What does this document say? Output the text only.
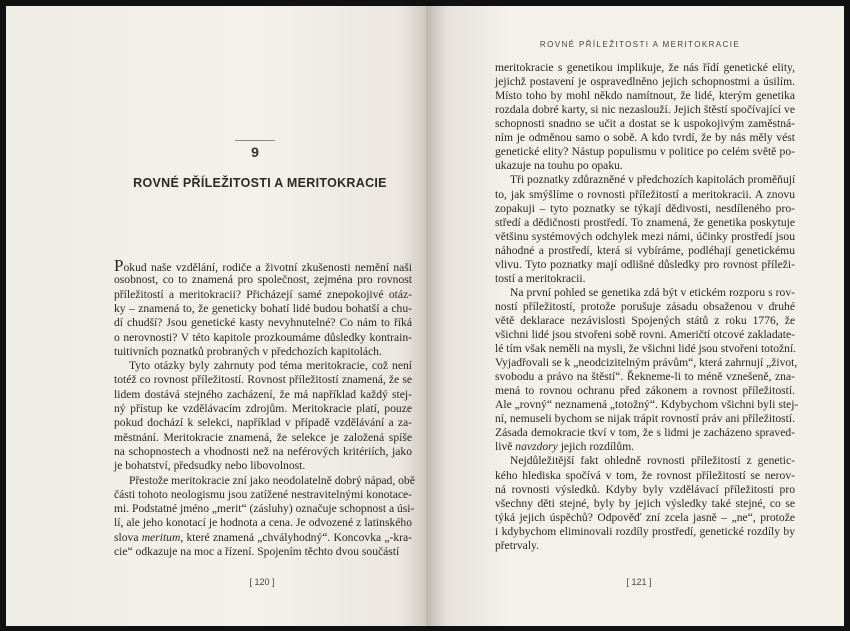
9
ROVNÉ PŘÍLEŽITOSTI A MERITOKRACIE
Pokud naše vzdělání, rodiče a životní zkušenosti nemění naši
osobnost, co to znamená pro společnost, zejména pro rovnost
příležitostí a meritokracii? Přicházejí samé znepokojivé otáz-
ky – znamená to, že geneticky bohatí lidé budou bohatší a chu-
dí chudší? Jsou genetické kasty nevyhnutelné? Co nám to říká
o nerovnosti? V této kapitole prozkoumáme důsledky kontrain-
tuitivních poznatků probraných v předchozích kapitolách.
Tyto otázky byly zahrnuty pod téma meritokracie, což není
totéž co rovnost příležitostí. Rovnost příležitostí znamená, že se
lidem dostává stejného zacházení, že má například každý stej-
ný přístup ke vzdělávacím zdrojům. Meritokracie platí, pouze
pokud dochází k selekci, například v případě vzdělávání a za-
městnání. Meritokracie znamená, že selekce je založená spíše
na schopnostech a vhodnosti než na neférových kritériích, jako
je bohatství, předsudky nebo libovolnost.
Přestože meritokracie zní jako neodolatelně dobrý nápad, obě
části tohoto neologismu jsou zatížené nestravitelnými konotace-
mi. Podstatné jméno „merit“ (zásluhy) označuje schopnost a úsi-
lí, ale jeho konotací je hodnota a cena. Je odvozené z latinského
slova meritum, které znamená „chvályhodný“. Koncovka „-kra-
cie“ odkazuje na moc a řízení. Spojením těchto dvou součástí
[ 120 ]
ROVNÉ PŘÍLEŽITOSTI A MERITOKRACIE
meritokracie s genetikou implikuje, že nás řídí genetické elity,
jejichž postavení je ospravedlněno jejich schopnostmi a úsilím.
Místo toho by mohl někdo namítnout, že lidé, kterým genetika
rozdala dobré karty, si nic nezaslouží. Jejich štěstí spočívající ve
schopnosti snadno se učit a dostat se k uspokojivým zaměstná-
ním je odměnou samo o sobě. A kdo tvrdí, že by nás měly vést
genetické elity? Nástup populismu v politice po celém světě po-
ukazuje na touhu po opaku.
Tři poznatky zdůrazněné v předchozích kapitolách proměňují
to, jak smýšlíme o rovnosti příležitostí a meritokracii. A znovu
zopakuji – tyto poznatky se týkají dědivosti, nesdíleného pro-
středí a dědičnosti prostředí. To znamená, že genetika poskytuje
většinu systémových odchylek mezi námi, účinky prostředí jsou
náhodné a prostředí, která si vybíráme, podléhají genetickému
vlivu. Tyto poznatky mají odlišné důsledky pro rovnost příleži-
tostí a meritokracii.
Na první pohled se genetika zdá být v etickém rozporu s rov-
ností příležitostí, protože porušuje zásadu obsaženou v druhé
větě deklarace nezávislosti Spojených států z roku 1776, že
všichni lidé jsou stvořeni sobě rovni. Američtí otcové zakladate-
lé tím však neměli na mysli, že všichni lidé jsou stvořeni totožní.
Vyjadřovali se k „neodcizitelným právům“, která zahrnují „život,
svobodu a právo na štěstí“. Řekneme-li to méně vznešeně, zna-
mená to rovnou ochranu před zákonem a rovnost příležitostí.
Ale „rovný“ neznamená „totožný“. Kdybychom všichni byli stej-
ní, nemuseli bychom se nijak trápit rovností práv ani příležitostí.
Zásada demokracie tkví v tom, že s lidmi je zacházeno spraved-
livě navzdory jejich rozdílům.
Nejdůležitější fakt ohledně rovnosti příležitostí z genetic-
kého hlediska spočívá v tom, že rovnost příležitostí se nerov-
ná rovnosti výsledků. Kdyby byly vzdělávací příležitosti pro
všechny děti stejné, byly by jejich výsledky také stejné, co se
týká jejich úspěchů? Odpověď zní zcela jasně – „ne“, protože
i kdybychom eliminovali rozdíly prostředí, genetické rozdíly by
přetrvaly.
[ 121 ]
